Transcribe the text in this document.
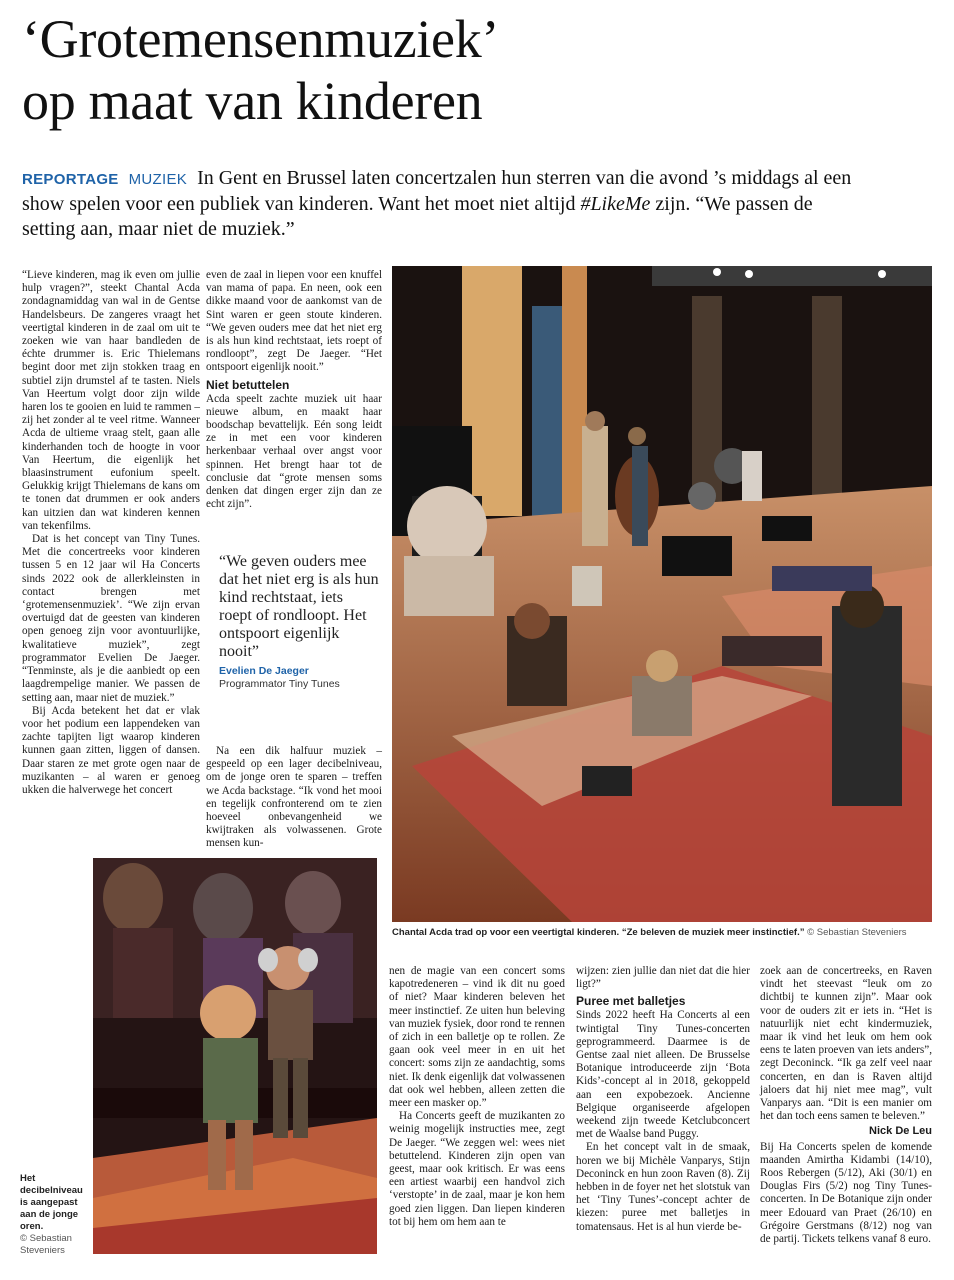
‘Grotemensenmuziek’
op maat van kinderen
REPORTAGE MUZIEK In Gent en Brussel laten concertzalen hun sterren van die avond ’s middags al een show spelen voor een publiek van kinderen. Want het moet niet altijd #LikeMe zijn. “We passen de setting aan, maar niet de muziek.”

“Lieve kinderen, mag ik even om jullie hulp vragen?”, steekt Chantal Acda zondagnamiddag van wal in de Gentse Handelsbeurs. De zangeres vraagt het veertigtal kinderen in de zaal om uit te zoeken wie van haar bandleden de échte drummer is. Eric Thielemans begint door met zijn stokken traag en subtiel zijn drumstel af te tasten. Niels Van Heertum volgt door zijn wilde haren los te gooien en luid te rammen – zij het zonder al te veel ritme. Wanneer Acda de ultieme vraag stelt, gaan alle kinderhanden toch de hoogte in voor Van Heertum, die eigenlijk het blaasinstrument eufonium speelt. Gelukkig krijgt Thielemans de kans om te tonen dat drummen er ook anders kan uitzien dan wat kinderen kennen van tekenfilms.

Dat is het concept van Tiny Tunes. Met die concertreeks voor kinderen tussen 5 en 12 jaar wil Ha Concerts sinds 2022 ook de allerkleinsten in contact brengen met ‘grotemensenmuziek’. “We zijn ervan overtuigd dat de geesten van kinderen open genoeg zijn voor avontuurlijke, kwalitatieve muziek”, zegt programmator Evelien De Jaeger. “Tenminste, als je die aanbiedt op een laagdrempelige manier. We passen de setting aan, maar niet de muziek.”

Bij Acda betekent het dat er vlak voor het podium een lappendeken van zachte tapijten ligt waarop kinderen kunnen gaan zitten, liggen of dansen. Daar staren ze met grote ogen naar de muzikanten – al waren er genoeg ukken die halverwege het concert

even de zaal in liepen voor een knuffel van mama of papa. En neen, ook een dikke maand voor de aankomst van de Sint waren er geen stoute kinderen. “We geven ouders mee dat het niet erg is als hun kind rechtstaat, iets roept of rondloopt”, zegt De Jaeger. “Het ontspoort eigenlijk nooit.”

Niet betuttelen

Acda speelt zachte muziek uit haar nieuwe album, en maakt haar boodschap bevattelijk. Eén song leidt ze in met een voor kinderen herkenbaar verhaal over angst voor spinnen. Het brengt haar tot de conclusie dat “grote mensen soms denken dat dingen erger zijn dan ze echt zijn”.

“We geven ouders mee dat het niet erg is als hun kind rechtstaat, iets roept of rondloopt. Het ontspoort eigenlijk nooit”

Evelien De Jaeger
Programmator Tiny Tunes

Na een dik halfuur muziek – gespeeld op een lager decibelniveau, om de jonge oren te sparen – treffen we Acda backstage. “Ik vond het mooi en tegelijk confronterend om te zien hoeveel onbevangenheid we kwijtraken als volwassenen. Grote mensen kun-

Chantal Acda trad op voor een veertigtal kinderen. “Ze beleven de muziek meer instinctief.” © Sebastian Steveniers
Het decibelniveau is aangepast aan de jonge oren.
© Sebastian Steveniers

nen de magie van een concert soms kapotredeneren – vind ik dit nu goed of niet? Maar kinderen beleven het meer instinctief. Ze uiten hun beleving van muziek fysiek, door rond te rennen of zich in een balletje op te rollen. Ze gaan ook veel meer in en uit het concert: soms zijn ze aandachtig, soms niet. Ik denk eigenlijk dat volwassenen dat ook wel hebben, alleen zetten die meer een masker op.”

Ha Concerts geeft de muzikanten zo weinig mogelijk instructies mee, zegt De Jaeger. “We zeggen wel: wees niet betuttelend. Kinderen zijn open van geest, maar ook kritisch. Er was eens een artiest waarbij een handvol zich ‘verstopte’ in de zaal, maar je kon hem goed zien liggen. Dan liepen kinderen tot bij hem om hem aan te

wijzen: zien jullie dan niet dat die hier ligt?”

Puree met balletjes

Sinds 2022 heeft Ha Concerts al een twintigtal Tiny Tunes-concerten geprogrammeerd. Daarmee is de Gentse zaal niet alleen. De Brusselse Botanique introduceerde zijn ‘Bota Kids’-concept al in 2018, gekoppeld aan een expobezoek. Ancienne Belgique organiseerde afgelopen weekend zijn tweede Ketclubconcert met de Waalse band Puggy.

En het concept valt in de smaak, horen we bij Michèle Vanparys, Stijn Deconinck en hun zoon Raven (8). Zij hebben in de foyer net het slotstuk van het ‘Tiny Tunes’-concept achter de kiezen: puree met balletjes in tomatensaus. Het is al hun vierde be-

zoek aan de concertreeks, en Raven vindt het steevast “leuk om zo dichtbij te kunnen zijn”. Maar ook voor de ouders zit er iets in. “Het is natuurlijk niet echt kindermuziek, maar ik vind het leuk om hem ook eens te laten proeven van iets anders”, zegt Deconinck. “Ik ga zelf veel naar concerten, en dan is Raven altijd jaloers dat hij niet mee mag”, vult Vanparys aan. “Dit is een manier om het dan toch eens samen te beleven.”

Nick De Leu

Bij Ha Concerts spelen de komende maanden Amirtha Kidambi (14/10), Roos Rebergen (5/12), Aki (30/1) en Douglas Firs (5/2) nog Tiny Tunes-concerten. In De Botanique zijn onder meer Edouard van Praet (26/10) en Grégoire Gerstmans (8/12) nog van de partij. Tickets telkens vanaf 8 euro.
